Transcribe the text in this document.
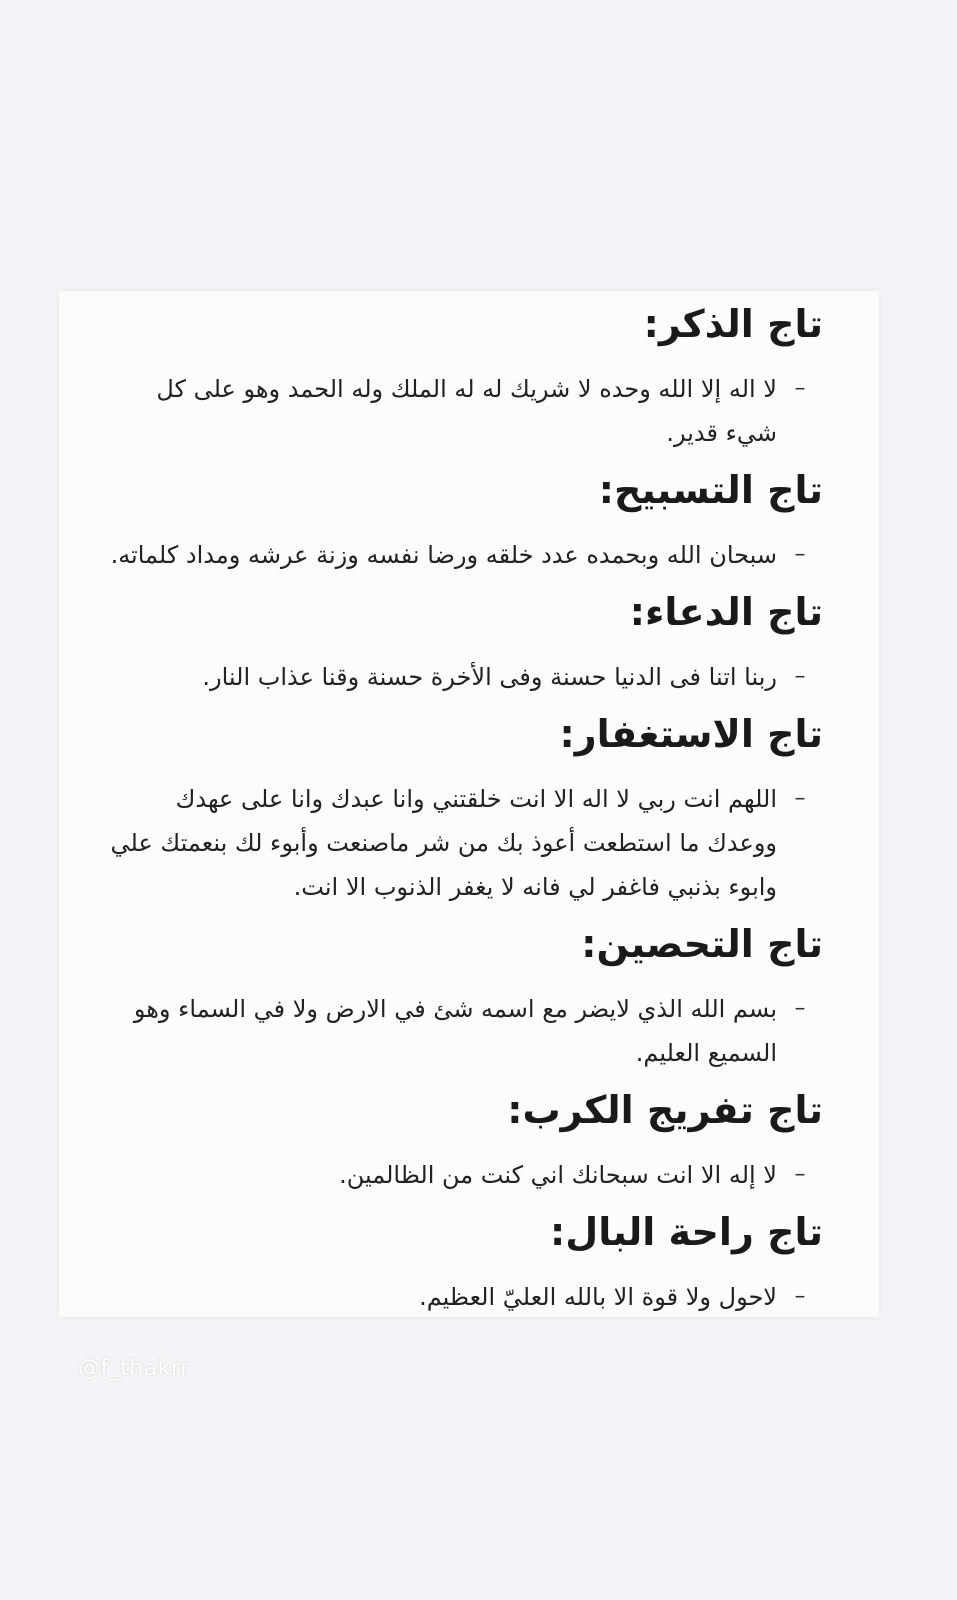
تاج الذكر:
–
لا اله إلا الله وحده لا شريك له له الملك وله الحمد وهو على كل شيء قدير.
تاج التسبيح:
–
سبحان الله وبحمده عدد خلقه ورضا نفسه وزنة عرشه ومداد كلماته.
تاج الدعاء:
–
ربنا اتنا فى الدنيا حسنة وفى الأخرة حسنة وقنا عذاب النار.
تاج الاستغفار:
–
اللهم انت ربي لا اله الا انت خلقتني وانا عبدك وانا على عهدك ووعدك ما استطعت أعوذ بك من شر ماصنعت وأبوء لك بنعمتك علي وابوء بذنبي فاغفر لي فانه لا يغفر الذنوب الا انت.
تاج التحصين:
–
بسم الله الذي لايضر مع اسمه شئ في الارض ولا في السماء وهو السميع العليم.
تاج تفريج الكرب:
–
لا إله الا انت سبحانك اني كنت من الظالمين.
تاج راحة البال:
–
لاحول ولا قوة الا بالله العليّ العظيم.
@f_thakrr
